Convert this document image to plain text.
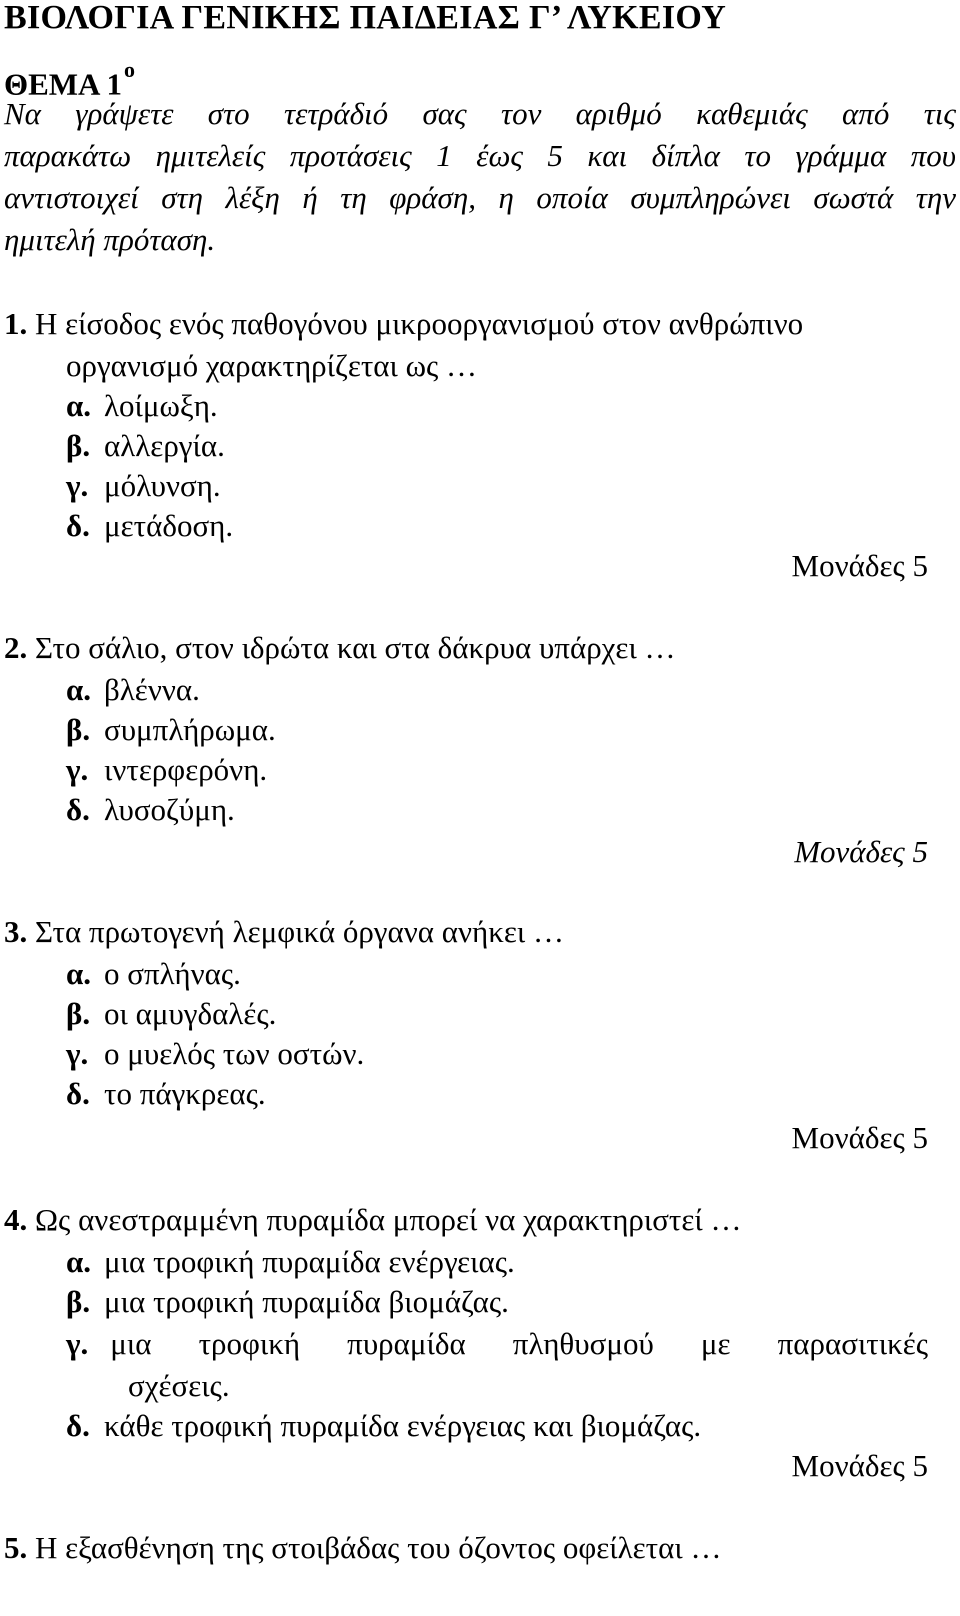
ΒΙΟΛΟΓΙΑ ΓΕΝΙΚΗΣ ΠΑΙΔΕΙΑΣ Γ’ ΛΥΚΕΙΟΥ
ΘΕΜΑ $1^o$
Να γράψετε στο τετράδιό σας τον αριθμό καθεμιάς από τις
παρακάτω ημιτελείς προτάσεις 1 έως 5 και δίπλα το γράμμα που
αντιστοιχεί στη λέξη ή τη φράση, η οποία συμπληρώνει σωστά την
ημιτελή πρόταση.
1. Η είσοδος ενός παθογόνου μικροοργανισμού στον ανθρώπινο
οργανισμό χαρακτηρίζεται ως …
α. λοίμωξη.
β. αλλεργία.
γ. μόλυνση.
δ. μετάδοση.
Μονάδες 5
2. Στο σάλιο, στον ιδρώτα και στα δάκρυα υπάρχει …
α. βλέννα.
β. συμπλήρωμα.
γ. ιντερφερόνη.
δ. λυσοζύμη.
Μονάδες 5
3. Στα πρωτογενή λεμφικά όργανα ανήκει …
α. ο σπλήνας.
β. οι αμυγδαλές.
γ. ο μυελός των οστών.
δ. το πάγκρεας.
Μονάδες 5
4. Ως ανεστραμμένη πυραμίδα μπορεί να χαρακτηριστεί …
α. μια τροφική πυραμίδα ενέργειας.
β. μια τροφική πυραμίδα βιομάζας.
γ. μια τροφική πυραμίδα πληθυσμού με παρασιτικές
σχέσεις.
δ. κάθε τροφική πυραμίδα ενέργειας και βιομάζας.
Μονάδες 5
5. Η εξασθένηση της στοιβάδας του όζοντος οφείλεται …
